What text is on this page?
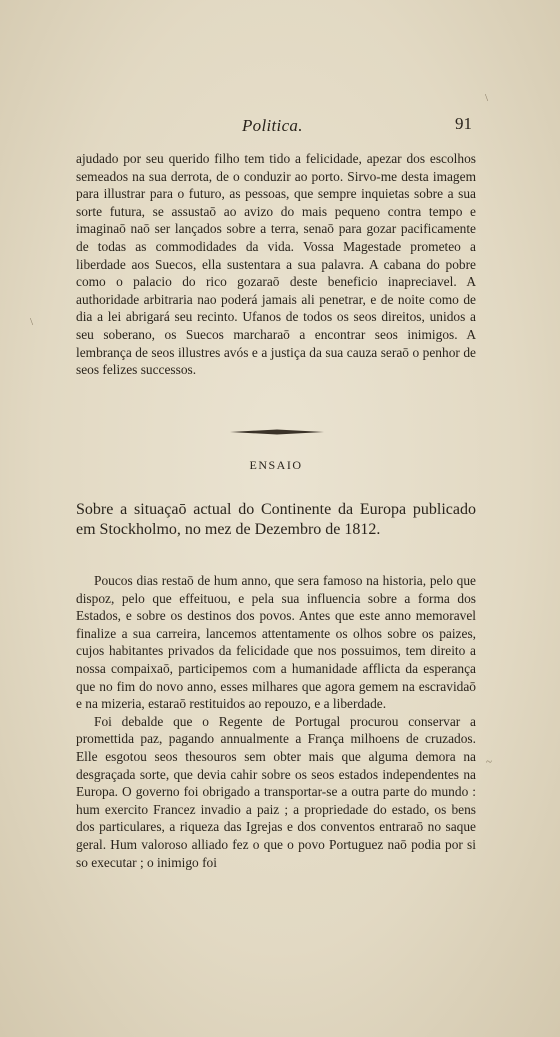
Politica.	91

ajudado por seu querido filho tem tido a felicidade, apezar dos escolhos semeados na sua derrota, de o conduzir ao porto. Sirvo-me desta imagem para illustrar para o futuro, as pessoas, que sempre inquietas sobre a sua sorte futura, se assustaō ao avizo do mais pequeno contra tempo e imaginaō naō ser lançados sobre a terra, senaō para gozar pacificamente de todas as commodidades da vida. Vossa Magestade prometeo a liberdade aos Suecos, ella sustentara a sua palavra. A cabana do pobre como o palacio do rico gozaraō deste beneficio inapreciavel. A authoridade arbitraria nao poderá jamais ali penetrar, e de noite como de dia a lei abrigará seu recinto. Ufanos de todos os seos direitos, unidos a seu soberano, os Suecos marcharaō a encontrar seos inimigos. A lembrança de seos illustres avós e a justiça da sua cauza seraō o penhor de seos felizes successos.

ENSAIO
Sobre a situaçaō actual do Continente da Europa publicado em Stockholmo, no mez de Dezembro de 1812.

Poucos dias restaō de hum anno, que sera famoso na historia, pelo que dispoz, pelo que effeituou, e pela sua influencia sobre a forma dos Estados, e sobre os destinos dos povos. Antes que este anno memoravel finalize a sua carreira, lancemos attentamente os olhos sobre os paizes, cujos habitantes privados da felicidade que nos possuimos, tem direito a nossa compaixaō, participemos com a humanidade afflicta da esperança que no fim do novo anno, esses milhares que agora gemem na escravidaō e na mizeria, estaraō restituidos ao repouzo, e a liberdade.

Foi debalde que o Regente de Portugal procurou conservar a promettida paz, pagando annualmente a França milhoens de cruzados. Elle esgotou seos thesouros sem obter mais que alguma demora na desgraçada sorte, que devia cahir sobre os seos estados independentes na Europa. O governo foi obrigado a transportar-se a outra parte do mundo : hum exercito Francez invadio a paiz ; a propriedade do estado, os bens dos particulares, a riqueza das Igrejas e dos conventos entraraō no saque geral. Hum valoroso alliado fez o que o povo Portuguez naō podia por si so executar ; o inimigo foi

\
\
~
